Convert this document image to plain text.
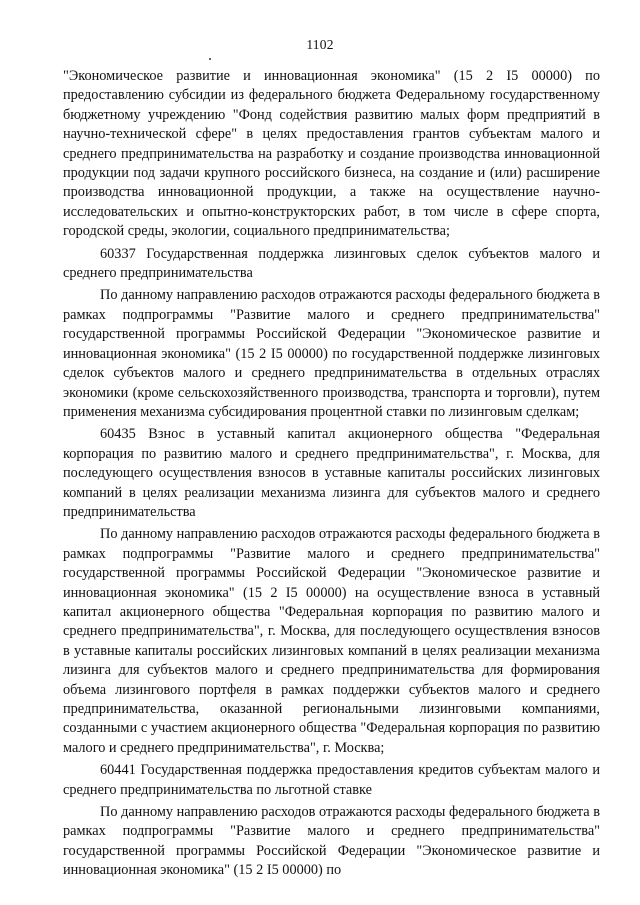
1102

"Экономическое развитие и инновационная экономика" (15 2 I5 00000) по предоставлению субсидии из федерального бюджета Федеральному государственному бюджетному учреждению "Фонд содействия развитию малых форм предприятий в научно-технической сфере" в целях предоставления грантов субъектам малого и среднего предпринимательства на разработку и создание производства инновационной продукции под задачи крупного российского бизнеса, на создание и (или) расширение производства инновационной продукции, а также на осуществление научно-исследовательских и опытно-конструкторских работ, в том числе в сфере спорта, городской среды, экологии, социального предпринимательства;

60337 Государственная поддержка лизинговых сделок субъектов малого и среднего предпринимательства

По данному направлению расходов отражаются расходы федерального бюджета в рамках подпрограммы "Развитие малого и среднего предпринимательства" государственной программы Российской Федерации "Экономическое развитие и инновационная экономика" (15 2 I5 00000) по государственной поддержке лизинговых сделок субъектов малого и среднего предпринимательства в отдельных отраслях экономики (кроме сельскохозяйственного производства, транспорта и торговли), путем применения механизма субсидирования процентной ставки по лизинговым сделкам;

60435 Взнос в уставный капитал акционерного общества "Федеральная корпорация по развитию малого и среднего предпринимательства", г. Москва, для последующего осуществления взносов в уставные капиталы российских лизинговых компаний в целях реализации механизма лизинга для субъектов малого и среднего предпринимательства

По данному направлению расходов отражаются расходы федерального бюджета в рамках подпрограммы "Развитие малого и среднего предпринимательства" государственной программы Российской Федерации "Экономическое развитие и инновационная экономика" (15 2 I5 00000) на осуществление взноса в уставный капитал акционерного общества "Федеральная корпорация по развитию малого и среднего предпринимательства", г. Москва, для последующего осуществления взносов в уставные капиталы российских лизинговых компаний в целях реализации механизма лизинга для субъектов малого и среднего предпринимательства для формирования объема лизингового портфеля в рамках поддержки субъектов малого и среднего предпринимательства, оказанной региональными лизинговыми компаниями, созданными с участием акционерного общества "Федеральная корпорация по развитию малого и среднего предпринимательства", г. Москва;

60441 Государственная поддержка предоставления кредитов субъектам малого и среднего предпринимательства по льготной ставке

По данному направлению расходов отражаются расходы федерального бюджета в рамках подпрограммы "Развитие малого и среднего предпринимательства" государственной программы Российской Федерации "Экономическое развитие и инновационная экономика" (15 2 I5 00000) по
